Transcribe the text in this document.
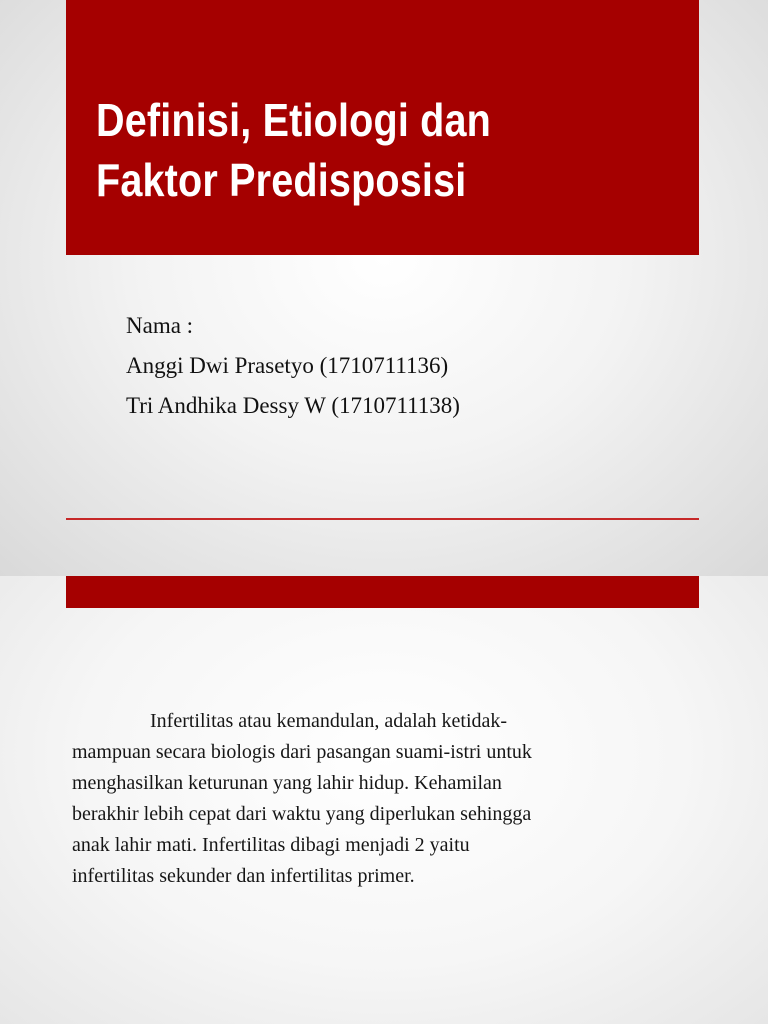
Definisi, Etiologi dan
Faktor Predisposisi
Nama :
Anggi Dwi Prasetyo (1710711136)
Tri Andhika Dessy W (1710711138)
Infertilitas atau kemandulan, adalah ketidak-
mampuan secara biologis dari pasangan suami-istri untuk
menghasilkan keturunan yang lahir hidup. Kehamilan
berakhir lebih cepat dari waktu yang diperlukan sehingga
anak lahir mati. Infertilitas dibagi menjadi 2 yaitu
infertilitas sekunder dan infertilitas primer.
